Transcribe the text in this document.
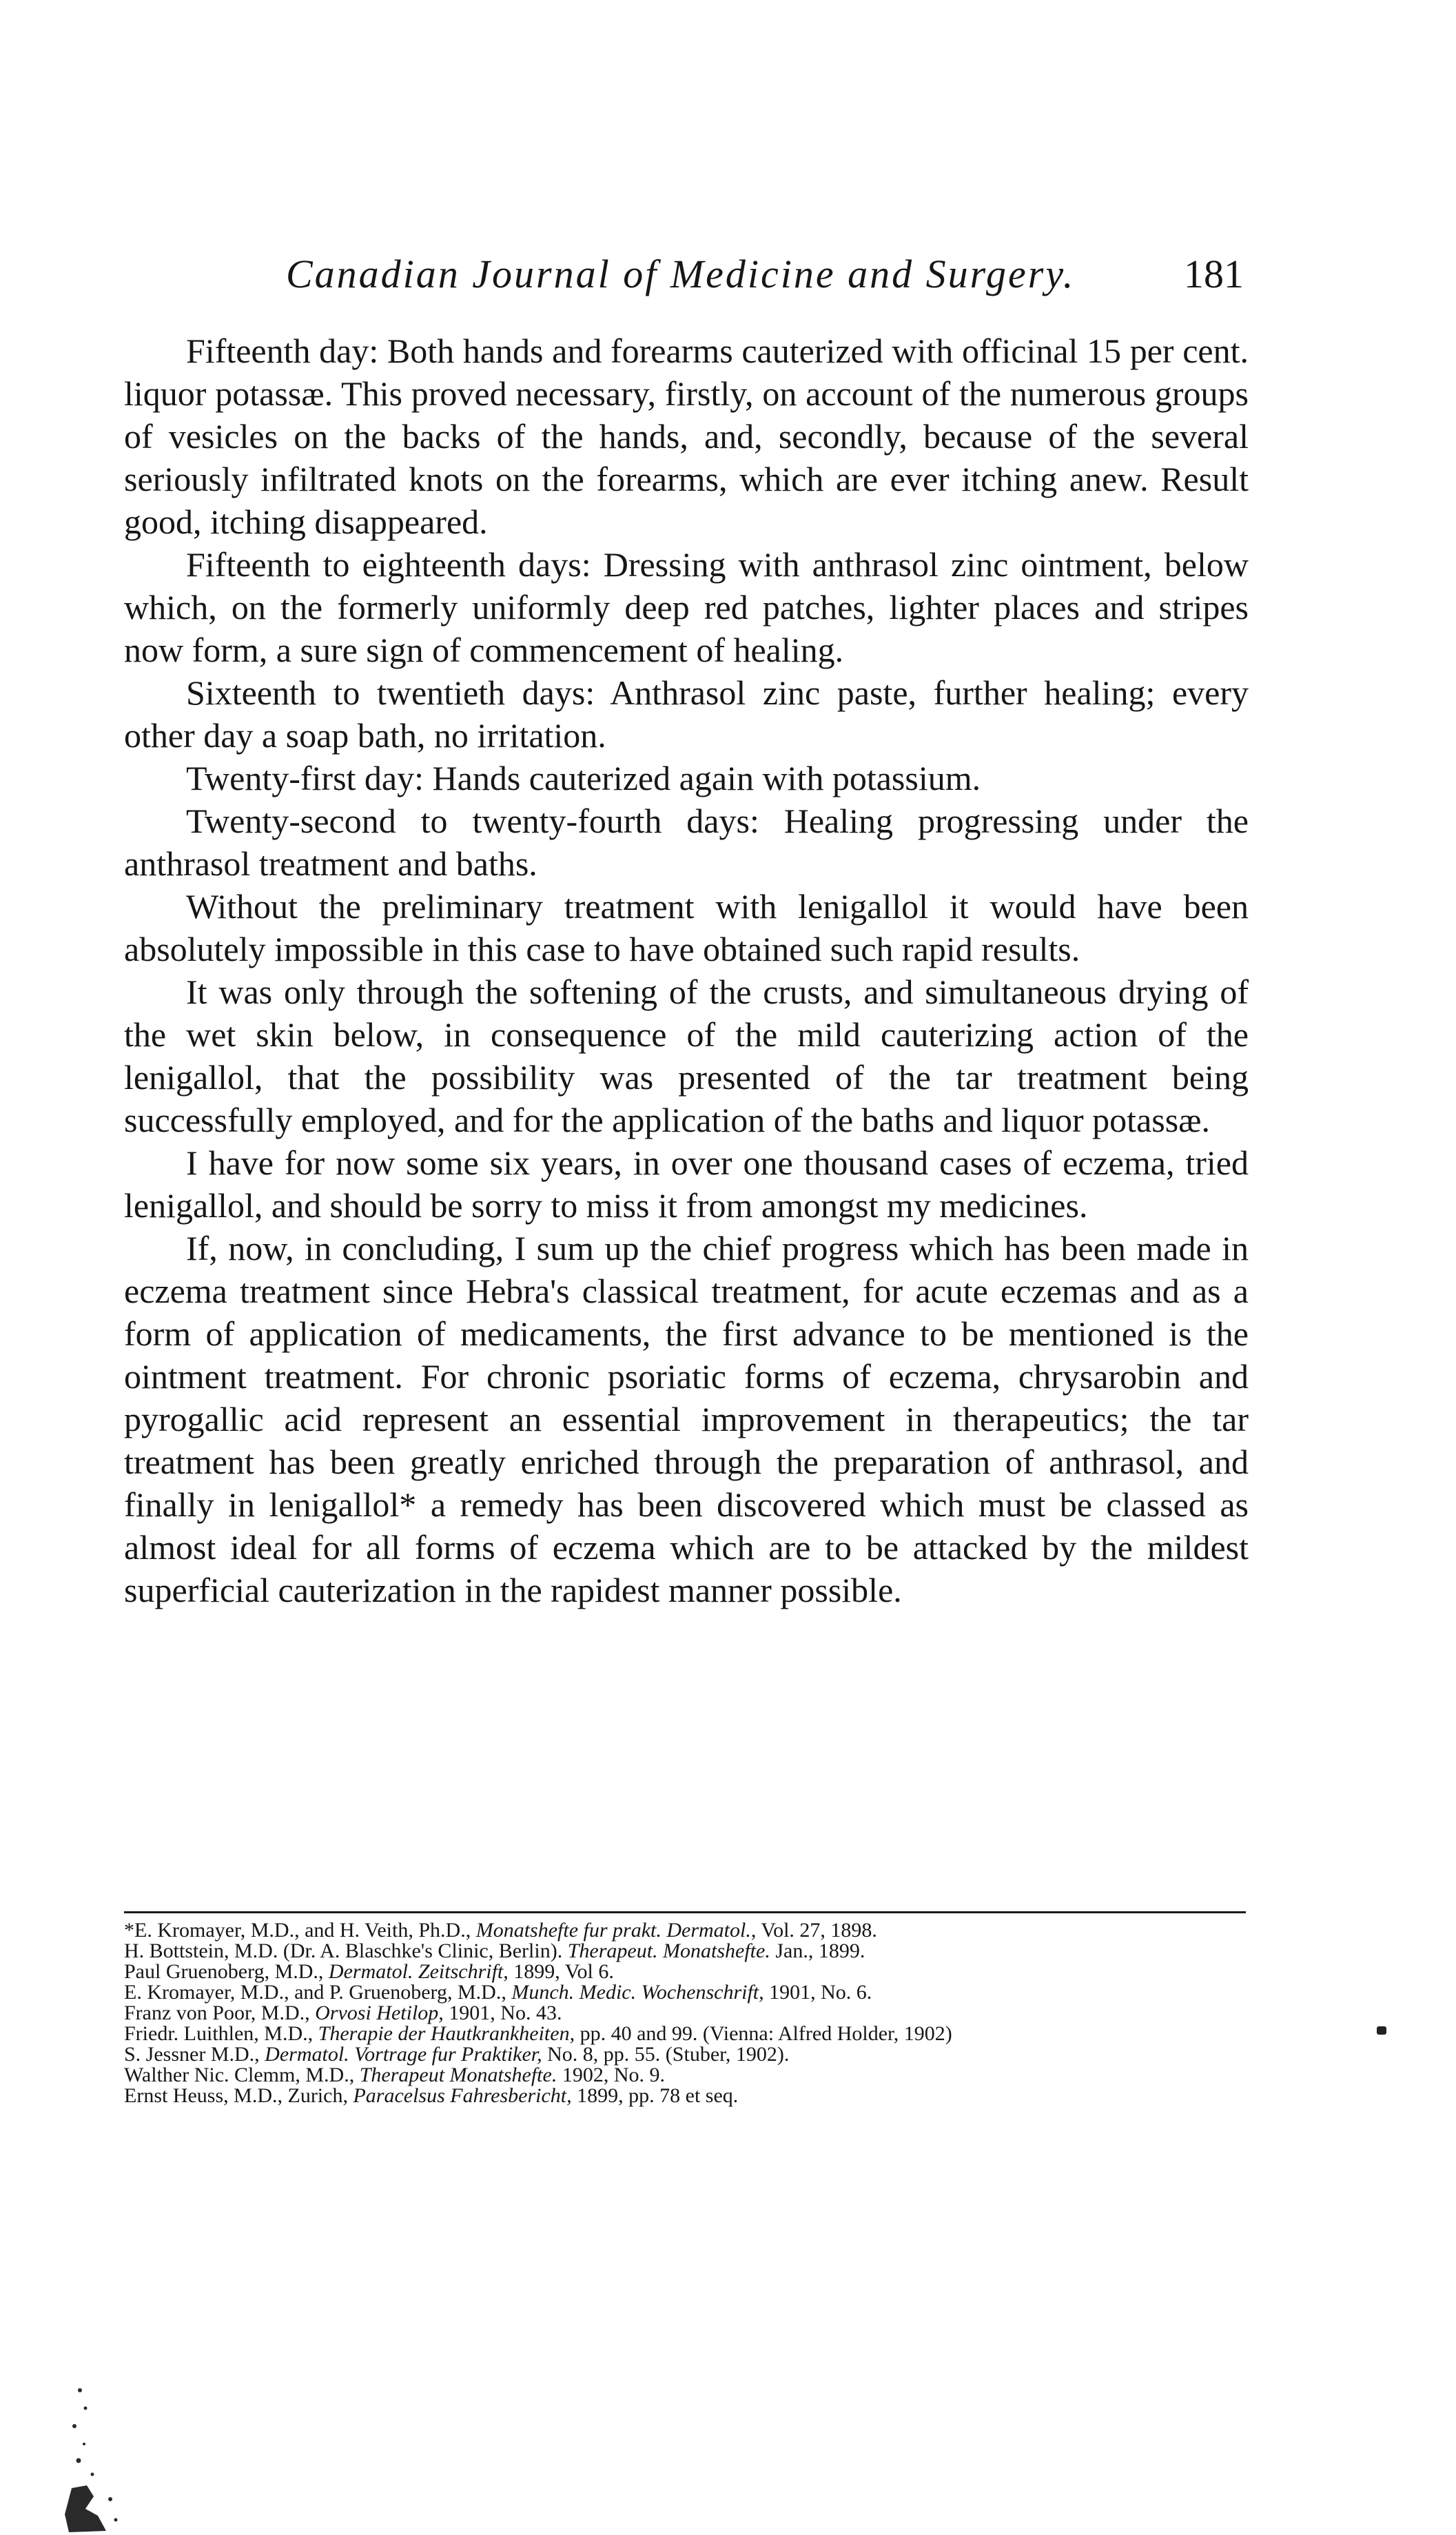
Canadian Journal of Medicine and Surgery.	181

Fifteenth day: Both hands and forearms cauterized with officinal 15 per cent. liquor potassæ. This proved necessary, firstly, on account of the numerous groups of vesicles on the backs of the hands, and, secondly, because of the several seriously infiltrated knots on the forearms, which are ever itching anew. Result good, itching disappeared.

Fifteenth to eighteenth days: Dressing with anthrasol zinc ointment, below which, on the formerly uniformly deep red patches, lighter places and stripes now form, a sure sign of commencement of healing.

Sixteenth to twentieth days: Anthrasol zinc paste, further healing; every other day a soap bath, no irritation.

Twenty-first day: Hands cauterized again with potassium.

Twenty-second to twenty-fourth days: Healing progressing under the anthrasol treatment and baths.

Without the preliminary treatment with lenigallol it would have been absolutely impossible in this case to have obtained such rapid results.

It was only through the softening of the crusts, and simultaneous drying of the wet skin below, in consequence of the mild cauterizing action of the lenigallol, that the possibility was presented of the tar treatment being successfully employed, and for the application of the baths and liquor potassæ.

I have for now some six years, in over one thousand cases of eczema, tried lenigallol, and should be sorry to miss it from amongst my medicines.

If, now, in concluding, I sum up the chief progress which has been made in eczema treatment since Hebra's classical treatment, for acute eczemas and as a form of application of medicaments, the first advance to be mentioned is the ointment treatment. For chronic psoriatic forms of eczema, chrysarobin and pyrogallic acid represent an essential improvement in therapeutics; the tar treatment has been greatly enriched through the preparation of anthrasol, and finally in lenigallol* a remedy has been discovered which must be classed as almost ideal for all forms of eczema which are to be attacked by the mildest superficial cauterization in the rapidest manner possible.

*E. Kromayer, M.D., and H. Veith, Ph.D., Monatshefte fur prakt. Dermatol., Vol. 27, 1898.
H. Bottstein, M.D. (Dr. A. Blaschke's Clinic, Berlin). Therapeut. Monatshefte. Jan., 1899.
Paul Gruenoberg, M.D., Dermatol. Zeitschrift, 1899, Vol 6.
E. Kromayer, M.D., and P. Gruenoberg, M.D., Munch. Medic. Wochenschrift, 1901, No. 6.
Franz von Poor, M.D., Orvosi Hetilop, 1901, No. 43.
Friedr. Luithlen, M.D., Therapie der Hautkrankheiten, pp. 40 and 99. (Vienna: Alfred Holder, 1902)
S. Jessner M.D., Dermatol. Vortrage fur Praktiker, No. 8, pp. 55. (Stuber, 1902).
Walther Nic. Clemm, M.D., Therapeut Monatshefte. 1902, No. 9.
Ernst Heuss, M.D., Zurich, Paracelsus Fahresbericht, 1899, pp. 78 et seq.
